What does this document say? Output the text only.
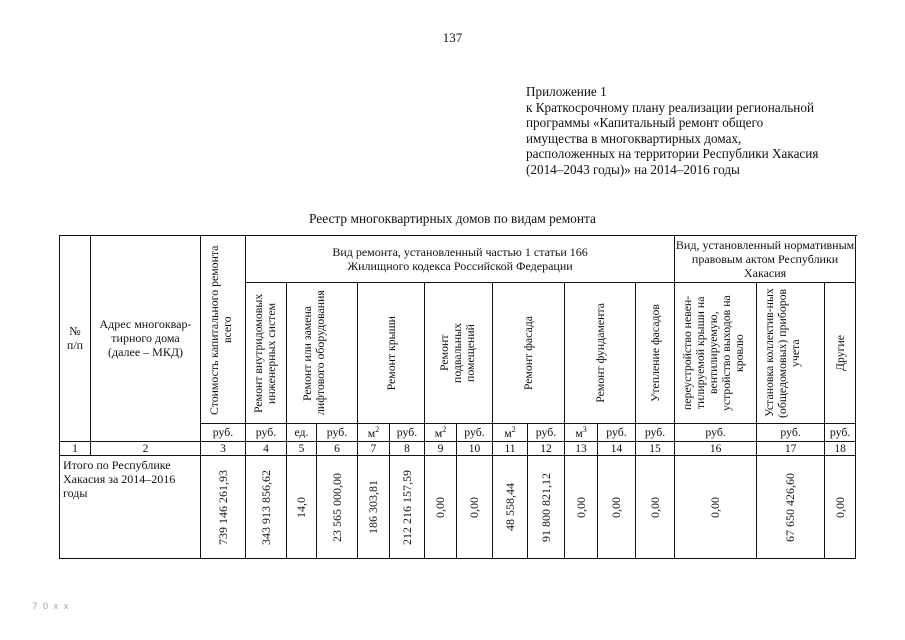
137
Приложение 1
к Краткосрочному плану реализации региональной
программы «Капитальный ремонт общего
имущества в многоквартирных домах,
расположенных на территории Республики Хакасия
(2014–2043 годы)» на 2014–2016 годы
Реестр многоквартирных домов по видам ремонта
№ п/п	Адрес многоквар-тирного дома (далее – МКД)	Стоимость капитального ремонта всего	Вид ремонта, установленный частью 1 статьи 166 Жилищного кодекса Российской Федерации												Вид, установленный нормативным правовым актом Республики Хакасия		

			Ремонт внутридомовых инженерных систем	Ремонт или замена лифтового оборудования		Ремонт крыши		Ремонт подвальных помещений		Ремонт фасада		Ремонт фундамента		Утепление фасадов	переустройство невен-тилируемой крыши на вентилируемую, устройство выходов на кровлю	Установка коллектив-ных (общедомовых) приборов учета	Другие

		руб.	руб.	ед.	руб.	$м^2$	руб.	$м^2$	руб.	$м^2$	руб.	$м^3$	руб.	руб.	руб.	руб.	руб.
1	2	3	4	5	6	7	8	9	10	11	12	13	14	15	16	17	18

Итого по Республике Хакасия за 2014–2016 годы		739 146 261,93	343 913 856,62	14,0	23 565 000,00	186 303,81	212 216 157,59	0,00	0,00	48 558,44	91 800 821,12	0,00	0,00	0,00	0,00	67 650 426,60	0,00
7 0 х х
